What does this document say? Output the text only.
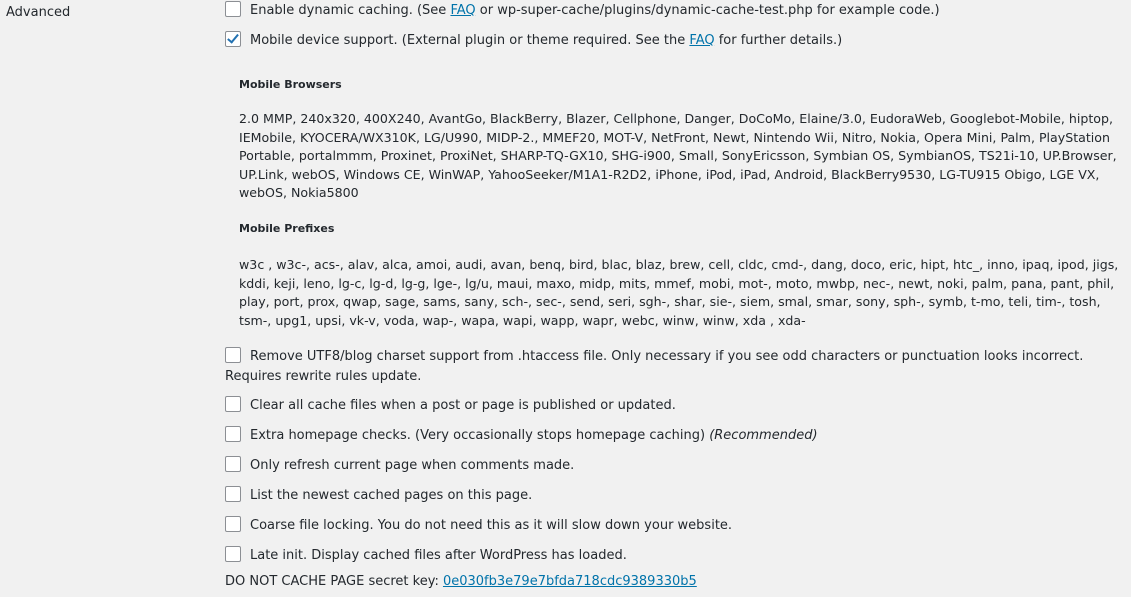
Advanced	Enable dynamic caching. (See FAQ or wp-super-cache/plugins/dynamic-cache-test.php for example code.)
Mobile device support. (External plugin or theme required. See the FAQ for further details.)
Mobile Browsers
2.0 MMP, 240x320, 400X240, AvantGo, BlackBerry, Blazer, Cellphone, Danger, DoCoMo, Elaine/3.0, EudoraWeb, Googlebot-Mobile, hiptop, IEMobile, KYOCERA/WX310K, LG/U990, MIDP-2., MMEF20, MOT-V, NetFront, Newt, Nintendo Wii, Nitro, Nokia, Opera Mini, Palm, PlayStation Portable, portalmmm, Proxinet, ProxiNet, SHARP-TQ-GX10, SHG-i900, Small, SonyEricsson, Symbian OS, SymbianOS, TS21i-10, UP.Browser, UP.Link, webOS, Windows CE, WinWAP, YahooSeeker/M1A1-R2D2, iPhone, iPod, iPad, Android, BlackBerry9530, LG-TU915 Obigo, LGE VX, webOS, Nokia5800
Mobile Prefixes
w3c , w3c-, acs-, alav, alca, amoi, audi, avan, benq, bird, blac, blaz, brew, cell, cldc, cmd-, dang, doco, eric, hipt, htc_, inno, ipaq, ipod, jigs, kddi, keji, leno, lg-c, lg-d, lg-g, lge-, lg/u, maui, maxo, midp, mits, mmef, mobi, mot-, moto, mwbp, nec-, newt, noki, palm, pana, pant, phil, play, port, prox, qwap, sage, sams, sany, sch-, sec-, send, seri, sgh-, shar, sie-, siem, smal, smar, sony, sph-, symb, t-mo, teli, tim-, tosh, tsm-, upg1, upsi, vk-v, voda, wap-, wapa, wapi, wapp, wapr, webc, winw, winw, xda , xda-
Remove UTF8/blog charset support from .htaccess file. Only necessary if you see odd characters or punctuation looks incorrect. Requires rewrite rules update.
Clear all cache files when a post or page is published or updated.
Extra homepage checks. (Very occasionally stops homepage caching) (Recommended)
Only refresh current page when comments made.
List the newest cached pages on this page.
Coarse file locking. You do not need this as it will slow down your website.
Late init. Display cached files after WordPress has loaded.
DO NOT CACHE PAGE secret key: 0e030fb3e79e7bfda718cdc9389330b5
